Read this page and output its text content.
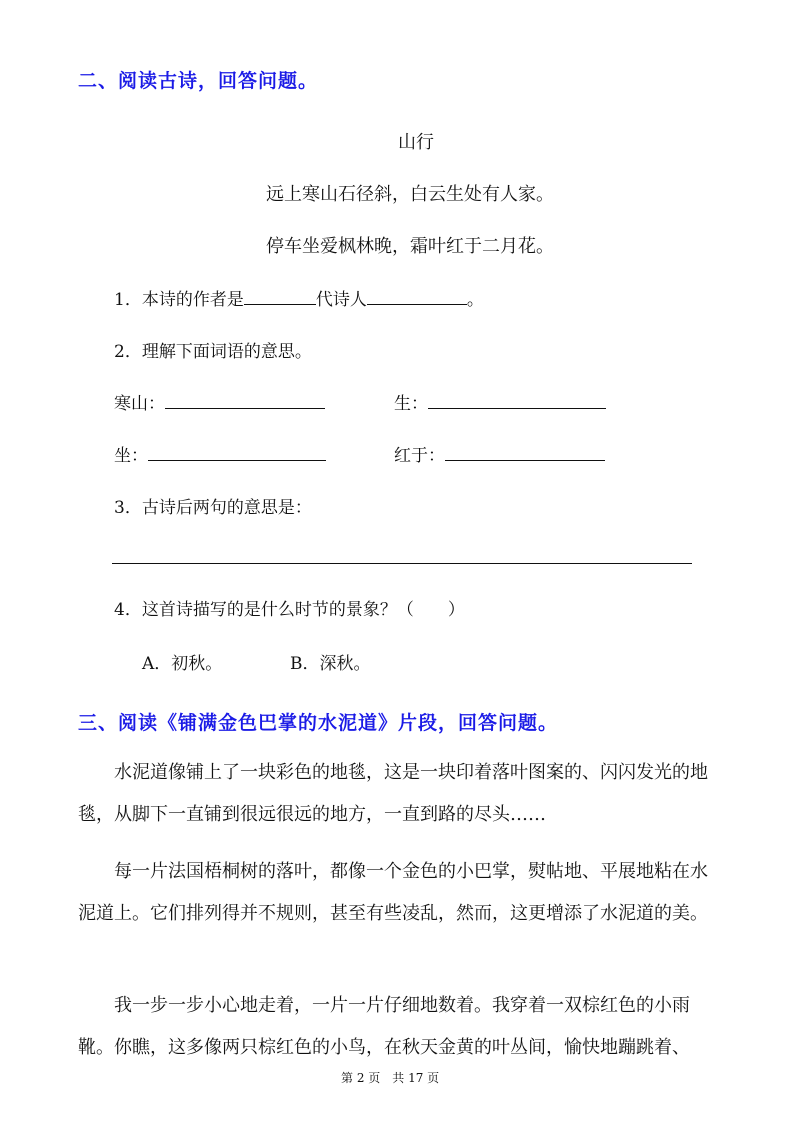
二、阅读古诗，回答问题。
山行
远上寒山石径斜，白云生处有人家。
停车坐爱枫林晚，霜叶红于二月花。
1．本诗的作者是	代诗人	。
2．理解下面词语的意思。
寒山：	生：
坐：	红于：
3．古诗后两句的意思是：
4．这首诗描写的是什么时节的景象？（　　）
A．初秋。	B．深秋。
三、阅读《铺满金色巴掌的水泥道》片段，回答问题。

水泥道像铺上了一块彩色的地毯，这是一块印着落叶图案的、闪闪发光的地毯，从脚下一直铺到很远很远的地方，一直到路的尽头……

每一片法国梧桐树的落叶，都像一个金色的小巴掌，熨帖地、平展地粘在水泥道上。它们排列得并不规则，甚至有些凌乱，然而，这更增添了水泥道的美。

我一步一步小心地走着，一片一片仔细地数着。我穿着一双棕红色的小雨靴。你瞧，这多像两只棕红色的小鸟，在秋天金黄的叶丛间，愉快地蹦跳着、

第 2 页　共 17 页
